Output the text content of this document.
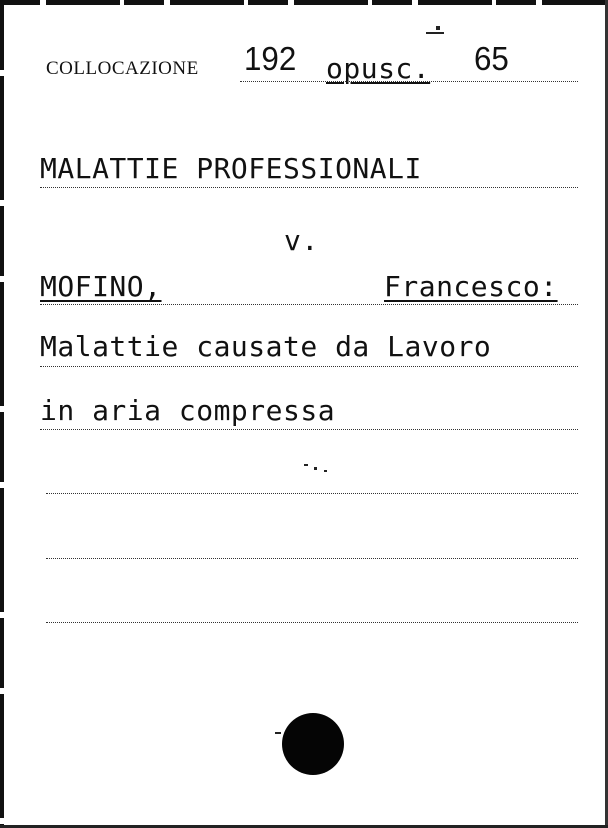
COLLOCAZIONE 192 opusc. 65
MALATTIE PROFESSIONALI
v.
MOFINO,	Francesco:
Malattie causate da Lavoro
in aria compressa
